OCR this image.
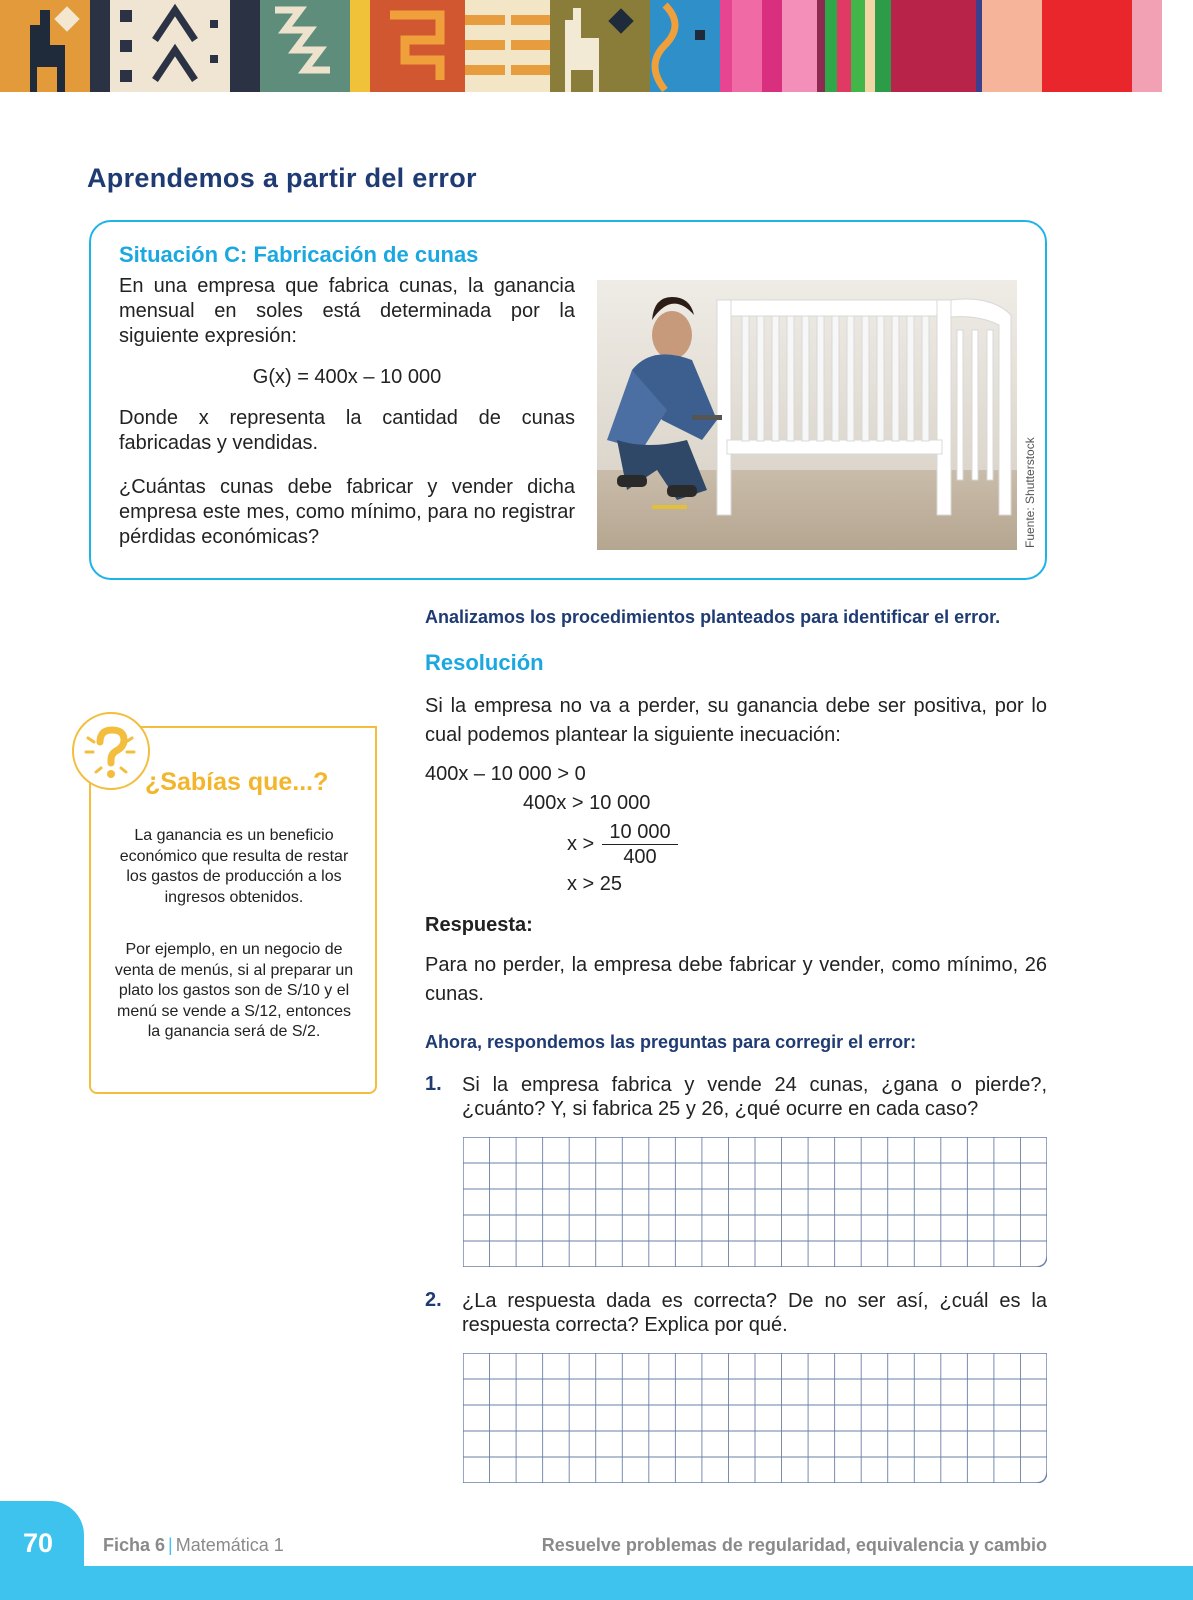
Aprendemos a partir del error
Situación C: Fabricación de cunas

En una empresa que fabrica cunas, la ganancia mensual en soles está determinada por la siguiente expresión:

G(x) = 400x – 10 000

Donde x representa la cantidad de cunas fabricadas y vendidas.

¿Cuántas cunas debe fabricar y vender dicha empresa este mes, como mínimo, para no registrar pérdidas económicas?	Fuente: Shutterstock
¿Sabías que...?

La ganancia es un beneficio económico que resulta de restar los gastos de producción a los ingresos obtenidos.

Por ejemplo, en un negocio de venta de menús, si al preparar un plato los gastos son de S/10 y el menú se vende a S/12, entonces la ganancia será de S/2.

Analizamos los procedimientos planteados para identificar el error.

Resolución

Si la empresa no va a perder, su ganancia debe ser positiva, por lo cual podemos plantear la siguiente inecuación:

400x – 10 000 > 0
400x > 10 000
$x > \frac{10 000}{400}$
x > 25
Respuesta:

Para no perder, la empresa debe fabricar y vender, como mínimo, 26 cunas.

Ahora, respondemos las preguntas para corregir el error:

1. Si la empresa fabrica y vende 24 cunas, ¿gana o pierde?, ¿cuánto? Y, si fabrica 25 y 26, ¿qué ocurre en cada caso?

2. ¿La respuesta dada es correcta? De no ser así, ¿cuál es la respuesta correcta? Explica por qué.

70	Ficha 6 | Matemática 1	Resuelve problemas de regularidad, equivalencia y cambio
